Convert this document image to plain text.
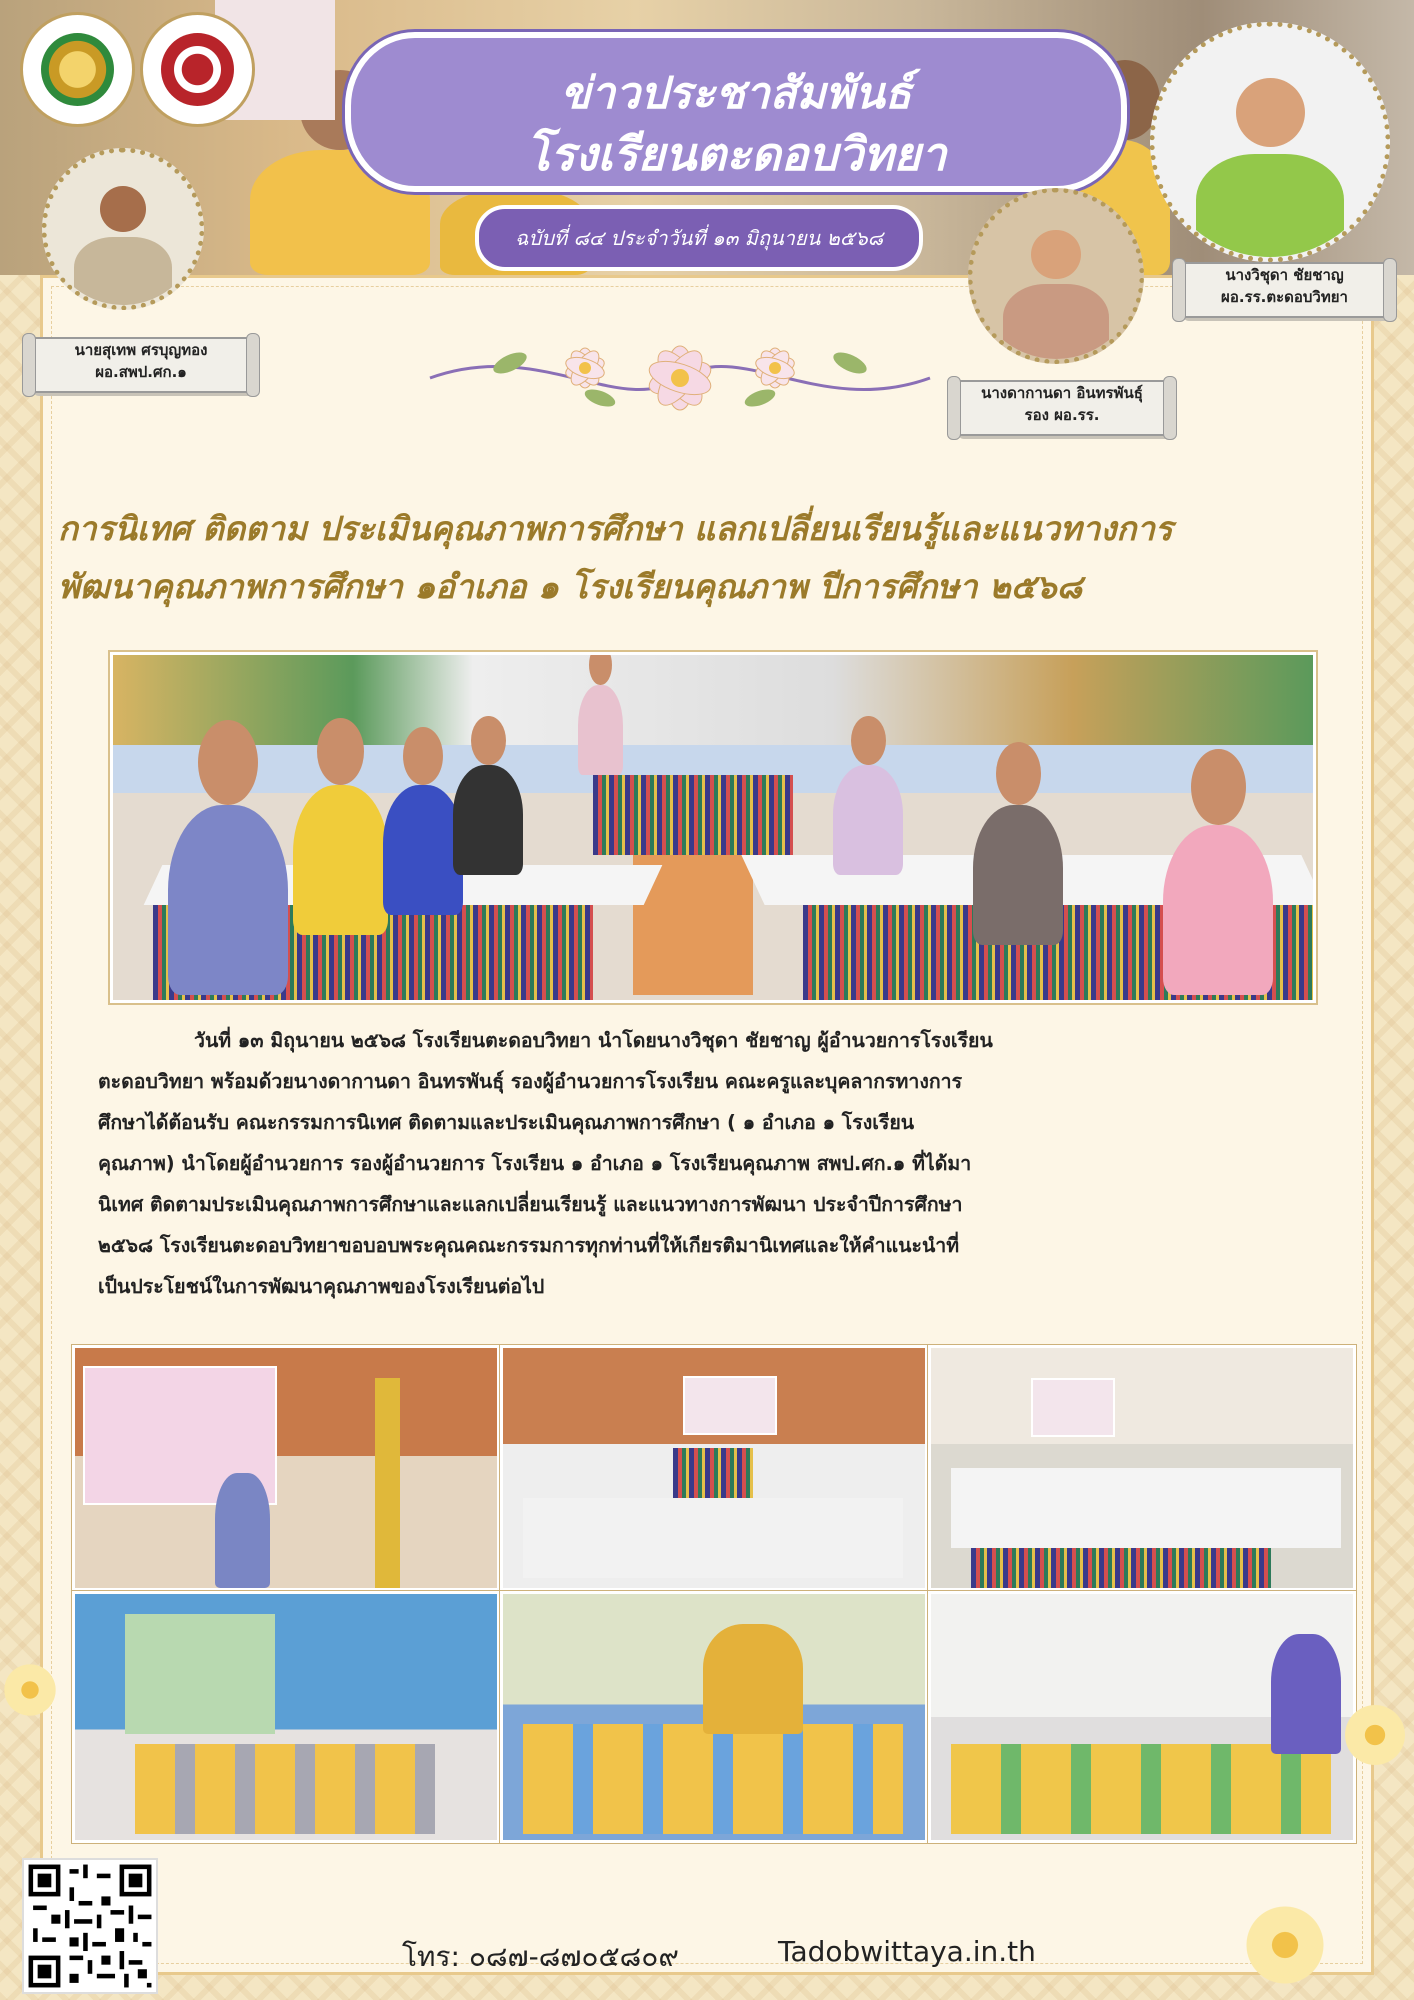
ข่าวประชาสัมพันธ์
โรงเรียนตะดอบวิทยา
ฉบับที่ ๘๔ ประจำวันที่ ๑๓ มิถุนายน ๒๕๖๘
นายสุเทพ ศรบุญทอง
ผอ.สพป.ศก.๑
นางดากานดา อินทรพันธุ์
รอง ผอ.รร.
นางวิชุดา ชัยชาญ
ผอ.รร.ตะดอบวิทยา
การนิเทศ ติดตาม ประเมินคุณภาพการศึกษา แลกเปลี่ยนเรียนรู้และแนวทางการ
พัฒนาคุณภาพการศึกษา ๑อำเภอ ๑ โรงเรียนคุณภาพ ปีการศึกษา ๒๕๖๘

วันที่ ๑๓ มิถุนายน ๒๕๖๘ โรงเรียนตะดอบวิทยา นำโดยนางวิชุดา ชัยชาญ ผู้อำนวยการโรงเรียน

ตะดอบวิทยา พร้อมด้วยนางดากานดา อินทรพันธุ์ รองผู้อำนวยการโรงเรียน คณะครูและบุคลากรทางการ

ศึกษาได้ต้อนรับ คณะกรรมการนิเทศ ติดตามและประเมินคุณภาพการศึกษา ( ๑ อำเภอ ๑ โรงเรียน

คุณภาพ) นำโดยผู้อำนวยการ รองผู้อำนวยการ โรงเรียน ๑ อำเภอ ๑ โรงเรียนคุณภาพ สพป.ศก.๑ ที่ได้มา

นิเทศ ติดตามประเมินคุณภาพการศึกษาและแลกเปลี่ยนเรียนรู้ และแนวทางการพัฒนา ประจำปีการศึกษา

๒๕๖๘ โรงเรียนตะดอบวิทยาขอบอบพระคุณคณะกรรมการทุกท่านที่ให้เกียรติมานิเทศและให้คำแนะนำที่

เป็นประโยชน์ในการพัฒนาคุณภาพของโรงเรียนต่อไป

โทร: ๐๘๗-๘๗๐๕๘๐๙	Tadobwittaya.in.th
